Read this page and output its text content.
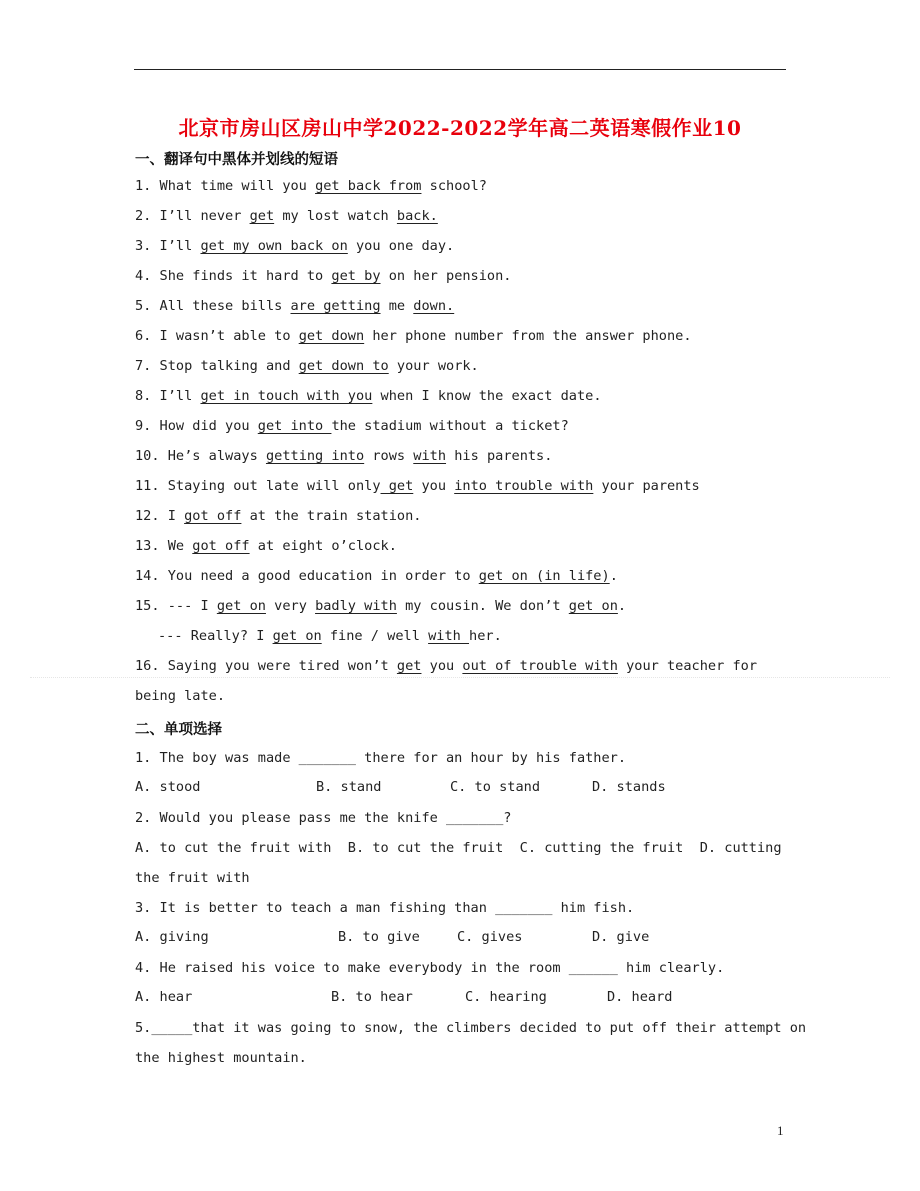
北京市房山区房山中学2022-2022学年高二英语寒假作业10
一、翻译句中黑体并划线的短语
1. What time will you get back from school?
2. I’ll never get my lost watch back.
3. I’ll get my own back on you one day.
4. She finds it hard to get by on her pension.
5. All these bills are getting me down.
6. I wasn’t able to get down her phone number from the answer phone.
7. Stop talking and get down to your work.
8. I’ll get in touch with you when I know the exact date.
9. How did you get into the stadium without a ticket?
10. He’s always getting into rows with his parents.
11. Staying out late will only get you into trouble with your parents
12. I got off at the train station.
13. We got off at eight o’clock.
14. You need a good education in order to get on (in life).
15. --- I get on very badly with my cousin. We don’t get on.
--- Really? I get on fine / well with her.
16. Saying you were tired won’t get you out of trouble with your teacher for
being late.
二、单项选择
1. The boy was made _______ there for an hour by his father.
A. stood	B. stand	C. to stand	D. stands
2. Would you please pass me the knife _______?
A. to cut the fruit with  B. to cut the fruit  C. cutting the fruit  D. cutting
the fruit with
3. It is better to teach a man fishing than _______ him fish.
A. giving	B. to give	C. gives	D. give
4. He raised his voice to make everybody in the room ______ him clearly.
A. hear	B. to hear	C. hearing	D. heard
5._____that it was going to snow, the climbers decided to put off their attempt on
the highest mountain.
1
